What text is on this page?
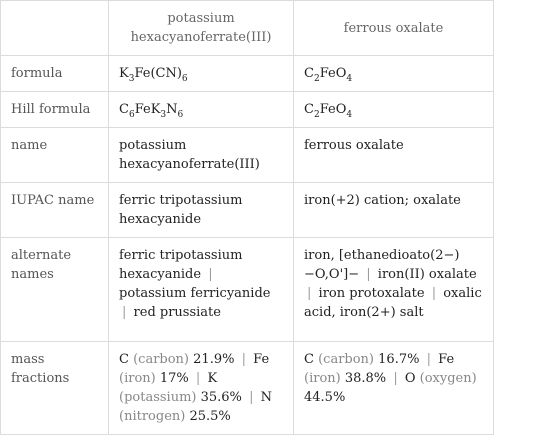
	potassium hexacyanoferrate(III)	ferrous oxalate
formula	$K_3Fe(CN)_6$	$C_2FeO_4$
Hill formula	$C_6FeK_3N_6$	$C_2FeO_4$
name	potassium hexacyanoferrate(III)	ferrous oxalate
IUPAC name	ferric tripotassium hexacyanide	iron(+2) cation; oxalate
alternate names	ferric tripotassium hexacyanide | potassium ferricyanide | red prussiate	iron, [ethanedioato(2−)−O,O']− | iron(II) oxalate | iron protoxalate | oxalic acid, iron(2+) salt
mass fractions	C (carbon) 21.9% | Fe (iron) 17% | K (potassium) 35.6% | N (nitrogen) 25.5%	C (carbon) 16.7% | Fe (iron) 38.8% | O (oxygen) 44.5%
